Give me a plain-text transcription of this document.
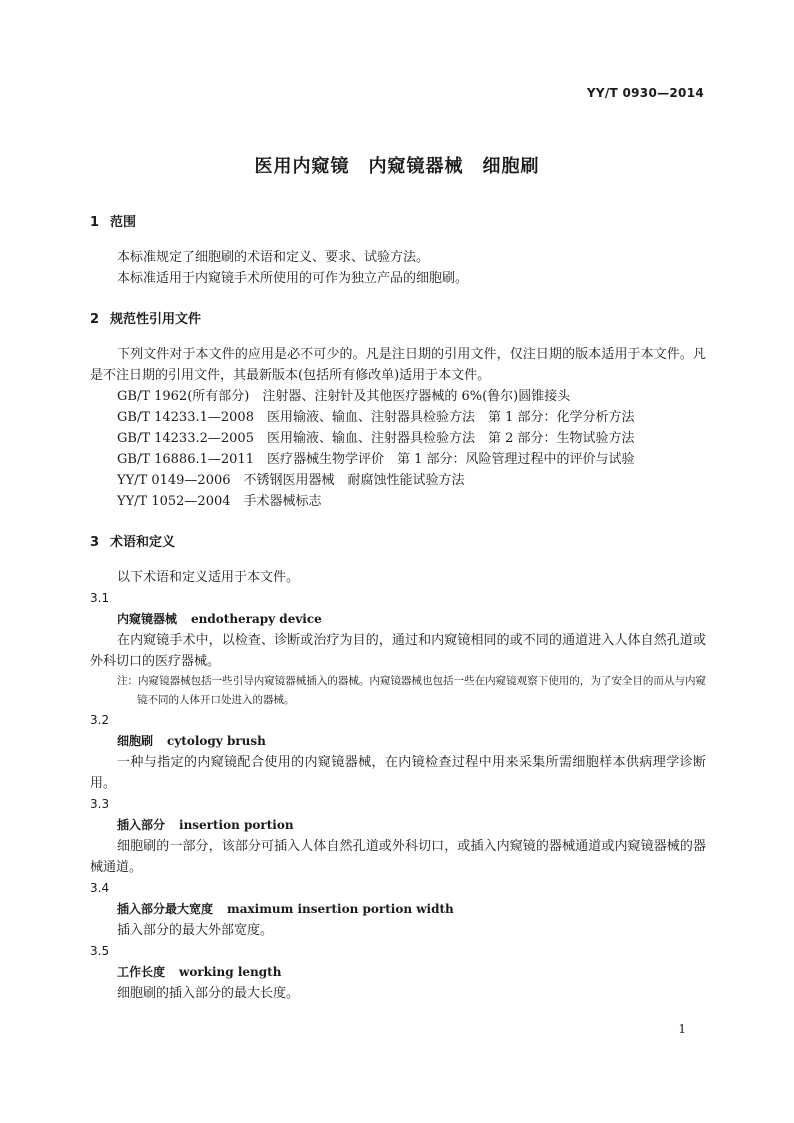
YY/T 0930—2014
医用内窥镜　内窥镜器械　细胞刷
1 范围

本标准规定了细胞刷的术语和定义、要求、试验方法。

本标准适用于内窥镜手术所使用的可作为独立产品的细胞刷。

2 规范性引用文件

下列文件对于本文件的应用是必不可少的。凡是注日期的引用文件，仅注日期的版本适用于本文件。凡是不注日期的引用文件，其最新版本(包括所有修改单)适用于本文件。

GB/T 1962(所有部分)　注射器、注射针及其他医疗器械的 6%(鲁尔)圆锥接头

GB/T 14233.1—2008　医用输液、输血、注射器具检验方法　第 1 部分：化学分析方法

GB/T 14233.2—2005　医用输液、输血、注射器具检验方法　第 2 部分：生物试验方法

GB/T 16886.1—2011　医疗器械生物学评价　第 1 部分：风险管理过程中的评价与试验

YY/T 0149—2006　不锈钢医用器械　耐腐蚀性能试验方法

YY/T 1052—2004　手术器械标志

3 术语和定义

以下术语和定义适用于本文件。

3.1

内窥镜器械 endotherapy device

在内窥镜手术中，以检查、诊断或治疗为目的，通过和内窥镜相同的或不同的通道进入人体自然孔道或外科切口的医疗器械。

注：内窥镜器械包括一些引导内窥镜器械插入的器械。内窥镜器械也包括一些在内窥镜观察下使用的，为了安全目的而从与内窥镜不同的人体开口处进入的器械。

3.2

细胞刷 cytology brush

一种与指定的内窥镜配合使用的内窥镜器械，在内镜检查过程中用来采集所需细胞样本供病理学诊断用。

3.3

插入部分 insertion portion

细胞刷的一部分，该部分可插入人体自然孔道或外科切口，或插入内窥镜的器械通道或内窥镜器械的器械通道。

3.4

插入部分最大宽度 maximum insertion portion width

插入部分的最大外部宽度。

3.5

工作长度 working length

细胞刷的插入部分的最大长度。

1
